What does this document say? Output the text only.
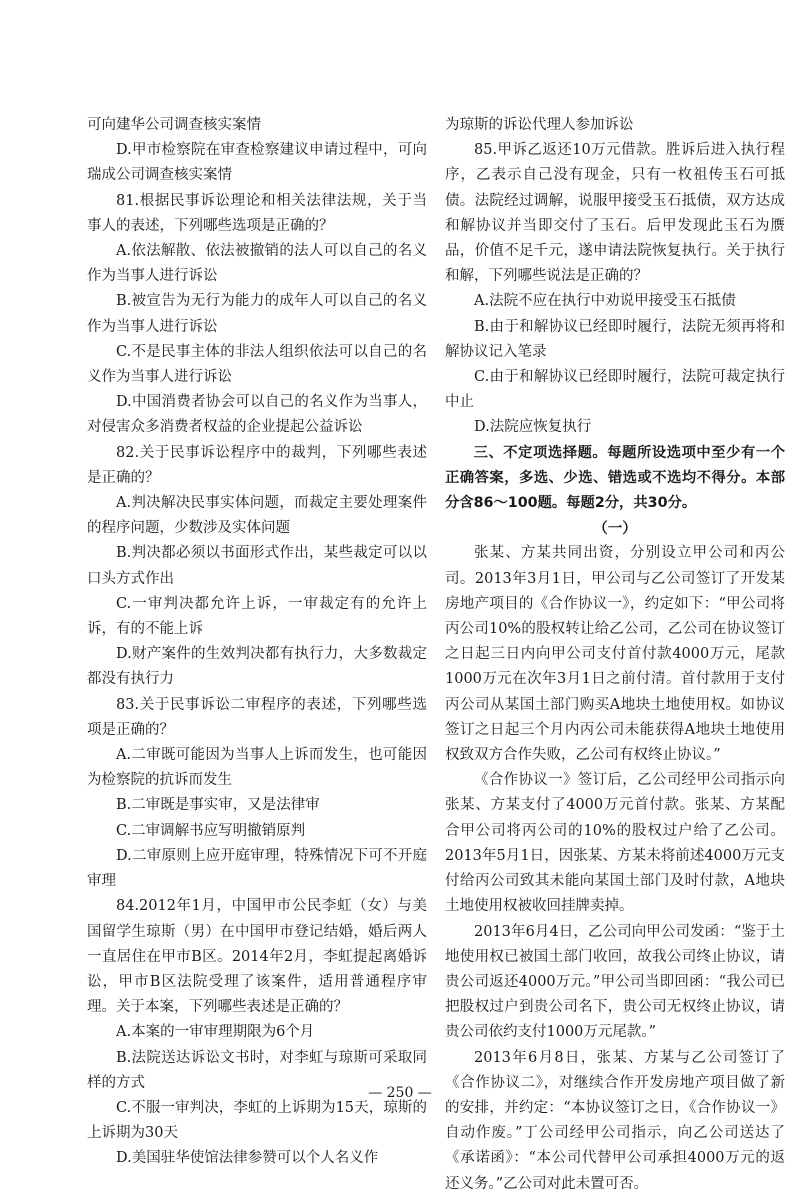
可向建华公司调查核实案情

D.甲市检察院在审查检察建议申请过程中，可向瑞成公司调查核实案情

81.根据民事诉讼理论和相关法律法规，关于当事人的表述，下列哪些选项是正确的？

A.依法解散、依法被撤销的法人可以自己的名义作为当事人进行诉讼

B.被宣告为无行为能力的成年人可以自己的名义作为当事人进行诉讼

C.不是民事主体的非法人组织依法可以自己的名义作为当事人进行诉讼

D.中国消费者协会可以自己的名义作为当事人，对侵害众多消费者权益的企业提起公益诉讼

82.关于民事诉讼程序中的裁判，下列哪些表述是正确的？

A.判决解决民事实体问题，而裁定主要处理案件的程序问题，少数涉及实体问题

B.判决都必须以书面形式作出，某些裁定可以以口头方式作出

C.一审判决都允许上诉，一审裁定有的允许上诉，有的不能上诉

D.财产案件的生效判决都有执行力，大多数裁定都没有执行力

83.关于民事诉讼二审程序的表述，下列哪些选项是正确的？

A.二审既可能因为当事人上诉而发生，也可能因为检察院的抗诉而发生

B.二审既是事实审，又是法律审

C.二审调解书应写明撤销原判

D.二审原则上应开庭审理，特殊情况下可不开庭审理

84.2012年1月，中国甲市公民李虹（女）与美国留学生琼斯（男）在中国甲市登记结婚，婚后两人一直居住在甲市B区。2014年2月，李虹提起离婚诉讼，甲市B区法院受理了该案件，适用普通程序审理。关于本案，下列哪些表述是正确的？

A.本案的一审审理期限为6个月

B.法院送达诉讼文书时，对李虹与琼斯可采取同样的方式

C.不服一审判决，李虹的上诉期为15天，琼斯的上诉期为30天

D.美国驻华使馆法律参赞可以个人名义作

为琼斯的诉讼代理人参加诉讼

85.甲诉乙返还10万元借款。胜诉后进入执行程序，乙表示自己没有现金，只有一枚祖传玉石可抵债。法院经过调解，说服甲接受玉石抵债，双方达成和解协议并当即交付了玉石。后甲发现此玉石为赝品，价值不足千元，遂申请法院恢复执行。关于执行和解，下列哪些说法是正确的？

A.法院不应在执行中劝说甲接受玉石抵债

B.由于和解协议已经即时履行，法院无须再将和解协议记入笔录

C.由于和解协议已经即时履行，法院可裁定执行中止

D.法院应恢复执行

三、不定项选择题。每题所设选项中至少有一个正确答案，多选、少选、错选或不选均不得分。本部分含86～100题。每题2分，共30分。

（一）

张某、方某共同出资，分别设立甲公司和丙公司。2013年3月1日，甲公司与乙公司签订了开发某房地产项目的《合作协议一》，约定如下：“甲公司将丙公司10%的股权转让给乙公司，乙公司在协议签订之日起三日内向甲公司支付首付款4000万元，尾款1000万元在次年3月1日之前付清。首付款用于支付丙公司从某国土部门购买A地块土地使用权。如协议签订之日起三个月内丙公司未能获得A地块土地使用权致双方合作失败，乙公司有权终止协议。”

《合作协议一》签订后，乙公司经甲公司指示向张某、方某支付了4000万元首付款。张某、方某配合甲公司将丙公司的10%的股权过户给了乙公司。2013年5月1日，因张某、方某未将前述4000万元支付给丙公司致其未能向某国土部门及时付款，A地块土地使用权被收回挂牌卖掉。

2013年6月4日，乙公司向甲公司发函：“鉴于土地使用权已被国土部门收回，故我公司终止协议，请贵公司返还4000万元。”甲公司当即回函：“我公司已把股权过户到贵公司名下，贵公司无权终止协议，请贵公司依约支付1000万元尾款。”

2013年6月8日，张某、方某与乙公司签订了《合作协议二》，对继续合作开发房地产项目做了新的安排，并约定：“本协议签订之日，《合作协议一》自动作废。”丁公司经甲公司指示，向乙公司送达了《承诺函》：“本公司代替甲公司承担4000万元的返还义务。”乙公司对此未置可否。

— 250 —
